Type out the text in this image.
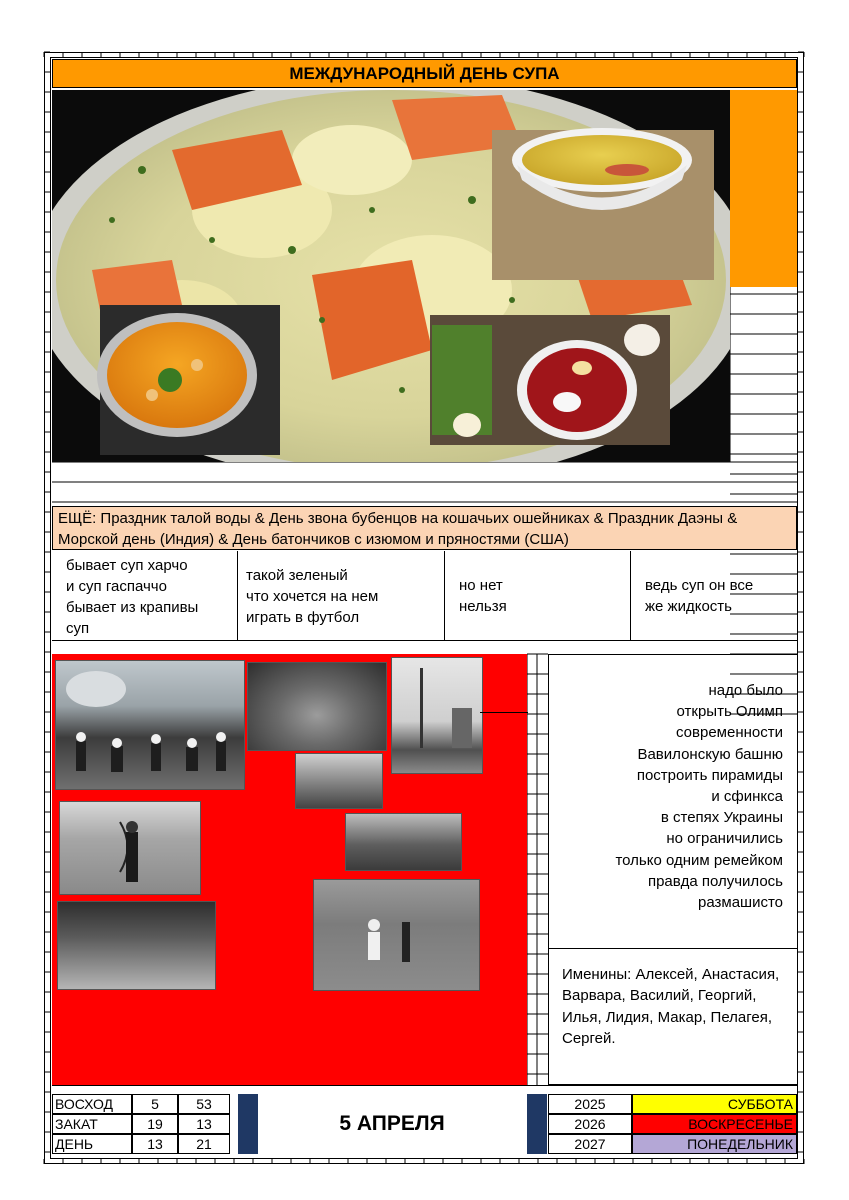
МЕЖДУНАРОДНЫЙ ДЕНЬ СУПА
ЕЩЁ: Праздник талой воды & День звона бубенцов на кошачьих ошейниках & Праздник Даэны & Морской день (Индия) & День батончиков с изюмом и пряностями (США)
бывает суп харчо
и суп гаспаччо
бывает из крапивы
суп
такой зеленый
что хочется на нем
играть в футбол
но нет
нельзя
ведь суп он все
же жидкость
надо было
открыть Олимп
современности
Вавилонскую башню
построить пирамиды
и сфинкса
в степях Украины
но ограничились
только одним ремейком
правда получилось
размашисто
Именины: Алексей, Анастасия, Варвара, Василий, Георгий, Илья, Лидия, Макар, Пелагея, Сергей.
ВОСХОД	5	53
ЗАКАТ	19	13
ДЕНЬ	13	21
5 АПРЕЛЯ
2025	СУББОТА
2026	ВОСКРЕСЕНЬЕ
2027	ПОНЕДЕЛЬНИК
